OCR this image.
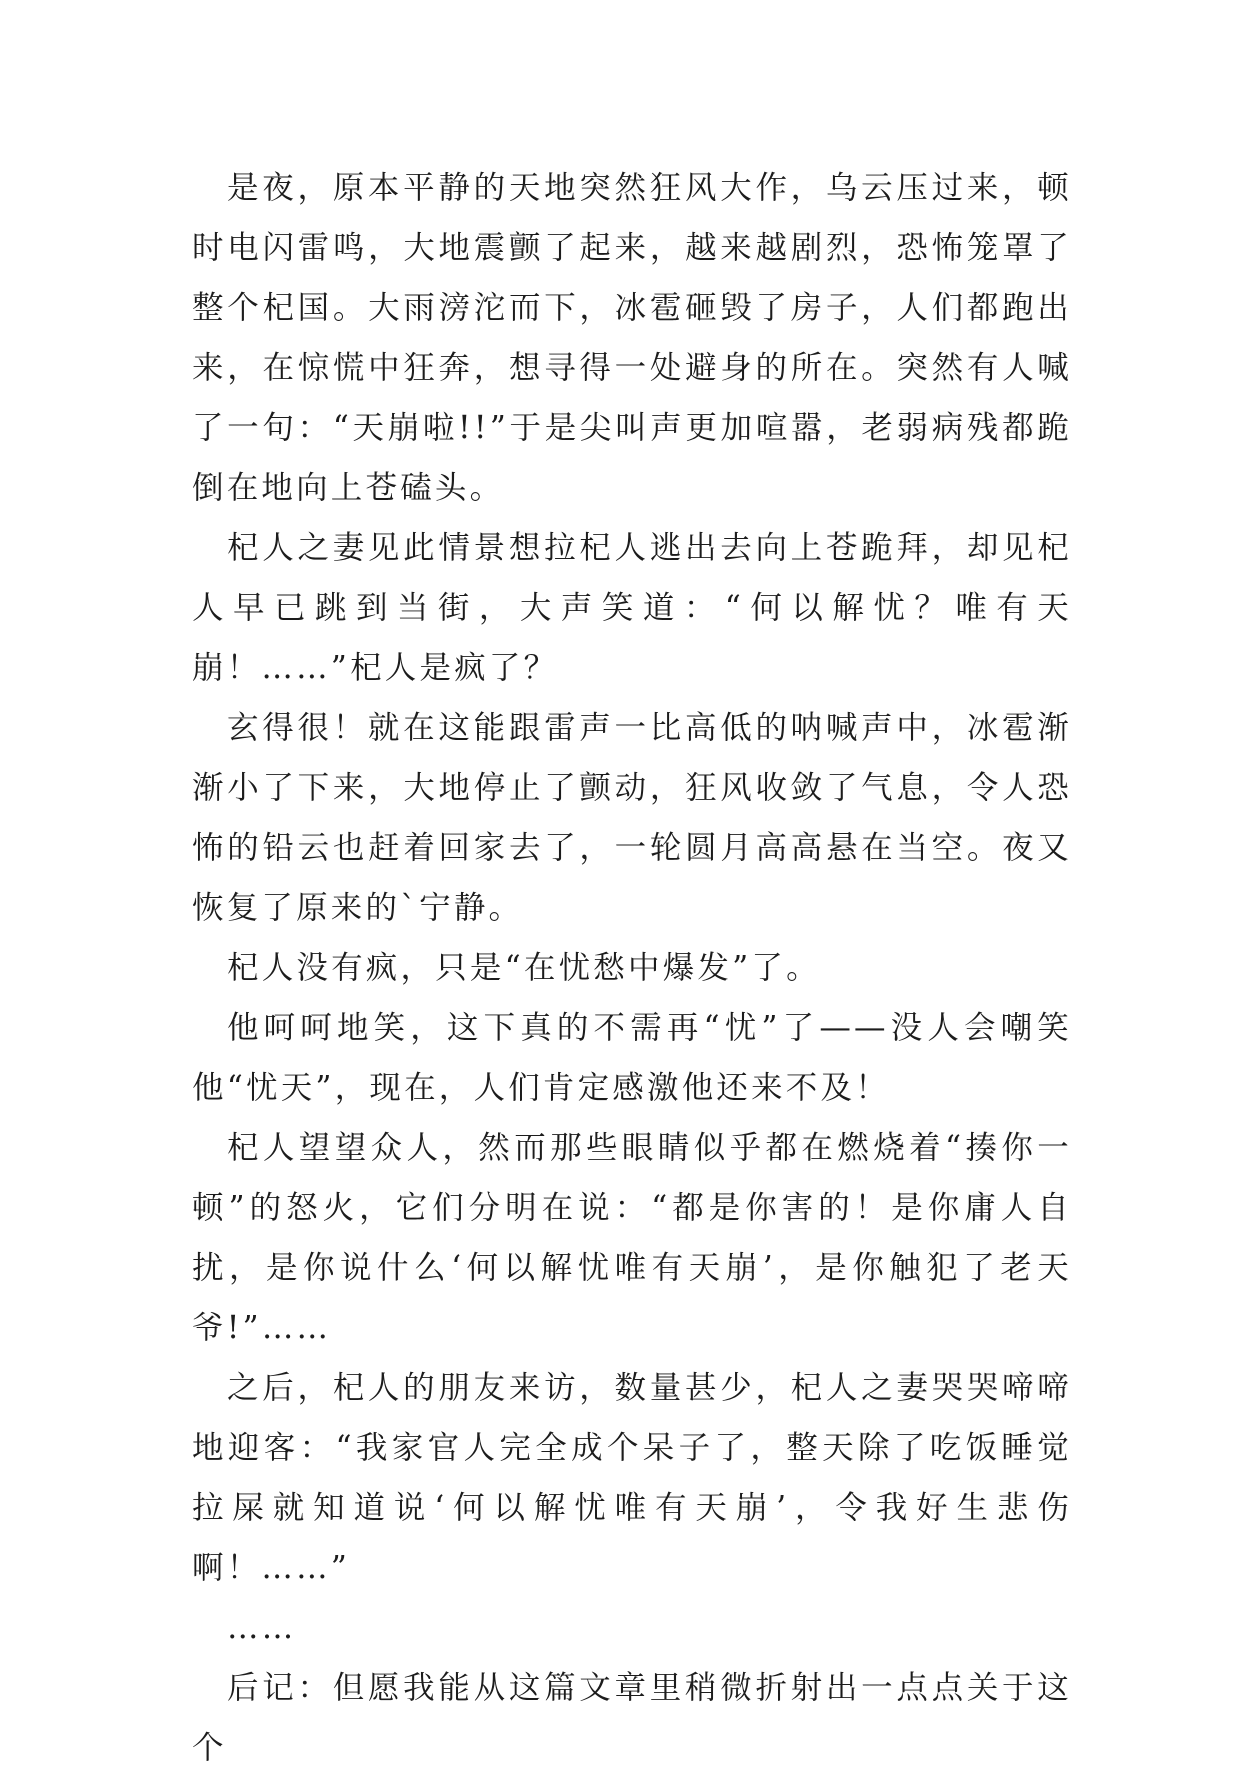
是夜，原本平静的天地突然狂风大作，乌云压过来，顿时电闪雷鸣，大地震颤了起来，越来越剧烈，恐怖笼罩了整个杞国。大雨滂沱而下，冰雹砸毁了房子，人们都跑出来，在惊慌中狂奔，想寻得一处避身的所在。突然有人喊了一句：“天崩啦!!”于是尖叫声更加喧嚣，老弱病残都跪倒在地向上苍磕头。

杞人之妻见此情景想拉杞人逃出去向上苍跪拜，却见杞人早已跳到当街，大声笑道：“何以解忧？唯有天崩！……”杞人是疯了？

玄得很！就在这能跟雷声一比高低的呐喊声中，冰雹渐渐小了下来，大地停止了颤动，狂风收敛了气息，令人恐怖的铅云也赶着回家去了，一轮圆月高高悬在当空。夜又恢复了原来的`宁静。

杞人没有疯，只是“在忧愁中爆发”了。

他呵呵地笑，这下真的不需再“忧”了——没人会嘲笑他“忧天”，现在，人们肯定感激他还来不及！

杞人望望众人，然而那些眼睛似乎都在燃烧着“揍你一顿”的怒火，它们分明在说：“都是你害的！是你庸人自扰，是你说什么‘何以解忧唯有天崩’，是你触犯了老天爷!”……

之后，杞人的朋友来访，数量甚少，杞人之妻哭哭啼啼地迎客：“我家官人完全成个呆子了，整天除了吃饭睡觉拉屎就知道说‘何以解忧唯有天崩’，令我好生悲伤啊！……”

……

后记：但愿我能从这篇文章里稍微折射出一点点关于这个
